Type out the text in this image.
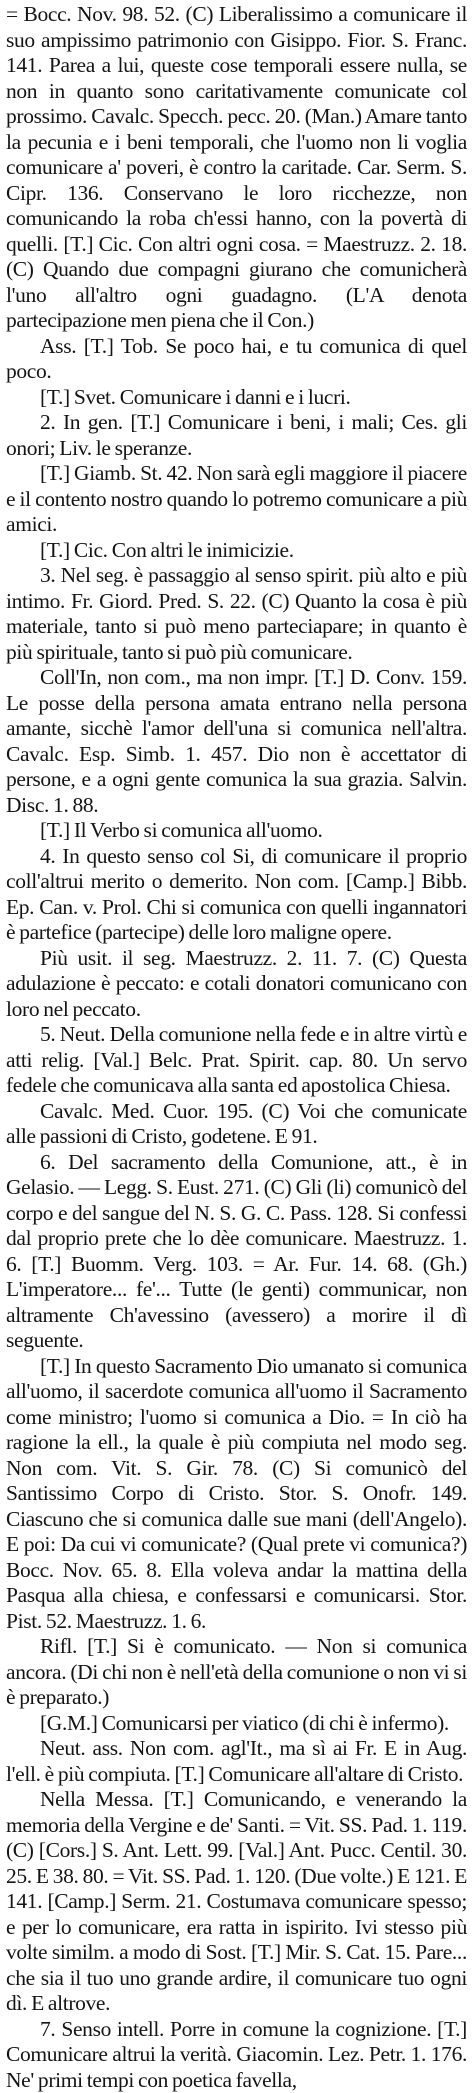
= Bocc. Nov. 98. 52. (C) Liberalissimo a comunicare il suo ampissimo patrimonio con Gisippo. Fior. S. Franc. 141. Parea a lui, queste cose temporali essere nulla, se non in quanto sono caritativamente comunicate col prossimo. Cavalc. Specch. pecc. 20. (Man.) Amare tanto la pecunia e i beni temporali, che l'uomo non li voglia comunicare a' poveri, è contro la caritade. Car. Serm. S. Cipr. 136. Conservano le loro ricchezze, non comunicando la roba ch'essi hanno, con la povertà di quelli. [T.] Cic. Con altri ogni cosa. = Maestruzz. 2. 18. (C) Quando due compagni giurano che comunicherà l'uno all'altro ogni guadagno. (L'A denota partecipazione men piena che il Con.)

Ass. [T.] Tob. Se poco hai, e tu comunica di quel poco.

[T.] Svet. Comunicare i danni e i lucri.

2. In gen. [T.] Comunicare i beni, i mali; Ces. gli onori; Liv. le speranze.

[T.] Giamb. St. 42. Non sarà egli maggiore il piacere e il contento nostro quando lo potremo comunicare a più amici.

[T.] Cic. Con altri le inimicizie.

3. Nel seg. è passaggio al senso spirit. più alto e più intimo. Fr. Giord. Pred. S. 22. (C) Quanto la cosa è più materiale, tanto si può meno parteciapare; in quanto è più spirituale, tanto si può più comunicare.

Coll'In, non com., ma non impr. [T.] D. Conv. 159. Le posse della persona amata entrano nella persona amante, sicchè l'amor dell'una si comunica nell'altra. Cavalc. Esp. Simb. 1. 457. Dio non è accettator di persone, e a ogni gente comunica la sua grazia. Salvin. Disc. 1. 88.

[T.] Il Verbo si comunica all'uomo.

4. In questo senso col Si, di comunicare il proprio coll'altrui merito o demerito. Non com. [Camp.] Bibb. Ep. Can. v. Prol. Chi si comunica con quelli ingannatori è partefice (partecipe) delle loro maligne opere.

Più usit. il seg. Maestruzz. 2. 11. 7. (C) Questa adulazione è peccato: e cotali donatori comunicano con loro nel peccato.

5. Neut. Della comunione nella fede e in altre virtù e atti relig. [Val.] Belc. Prat. Spirit. cap. 80. Un servo fedele che comunicava alla santa ed apostolica Chiesa.

Cavalc. Med. Cuor. 195. (C) Voi che comunicate alle passioni di Cristo, godetene. E 91.

6. Del sacramento della Comunione, att., è in Gelasio. — Legg. S. Eust. 271. (C) Gli (li) comunicò del corpo e del sangue del N. S. G. C. Pass. 128. Si confessi dal proprio prete che lo dèe comunicare. Maestruzz. 1. 6. [T.] Buomm. Verg. 103. = Ar. Fur. 14. 68. (Gh.) L'imperatore... fe'... Tutte (le genti) communicar, non altramente Ch'avessino (avessero) a morire il dì seguente.

[T.] In questo Sacramento Dio umanato si comunica all'uomo, il sacerdote comunica all'uomo il Sacramento come ministro; l'uomo si comunica a Dio. = In ciò ha ragione la ell., la quale è più compiuta nel modo seg. Non com. Vit. S. Gir. 78. (C) Si comunicò del Santissimo Corpo di Cristo. Stor. S. Onofr. 149. Ciascuno che si comunica dalle sue mani (dell'Angelo). E poi: Da cui vi comunicate? (Qual prete vi comunica?) Bocc. Nov. 65. 8. Ella voleva andar la mattina della Pasqua alla chiesa, e confessarsi e comunicarsi. Stor. Pist. 52. Maestruzz. 1. 6.

Rifl. [T.] Si è comunicato. — Non si comunica ancora. (Di chi non è nell'età della comunione o non vi si è preparato.)

[G.M.] Comunicarsi per viatico (di chi è infermo).

Neut. ass. Non com. agl'It., ma sì ai Fr. E in Aug. l'ell. è più compiuta. [T.] Comunicare all'altare di Cristo.

Nella Messa. [T.] Comunicando, e venerando la memoria della Vergine e de' Santi. = Vit. SS. Pad. 1. 119. (C) [Cors.] S. Ant. Lett. 99. [Val.] Ant. Pucc. Centil. 30. 25. E 38. 80. = Vit. SS. Pad. 1. 120. (Due volte.) E 121. E 141. [Camp.] Serm. 21. Costumava comunicare spesso; e per lo comunicare, era ratta in ispirito. Ivi stesso più volte similm. a modo di Sost. [T.] Mir. S. Cat. 15. Pare... che sia il tuo uno grande ardire, il comunicare tuo ogni dì. E altrove.

7. Senso intell. Porre in comune la cognizione. [T.] Comunicare altrui la verità. Giacomin. Lez. Petr. 1. 176. Ne' primi tempi con poetica favella,
